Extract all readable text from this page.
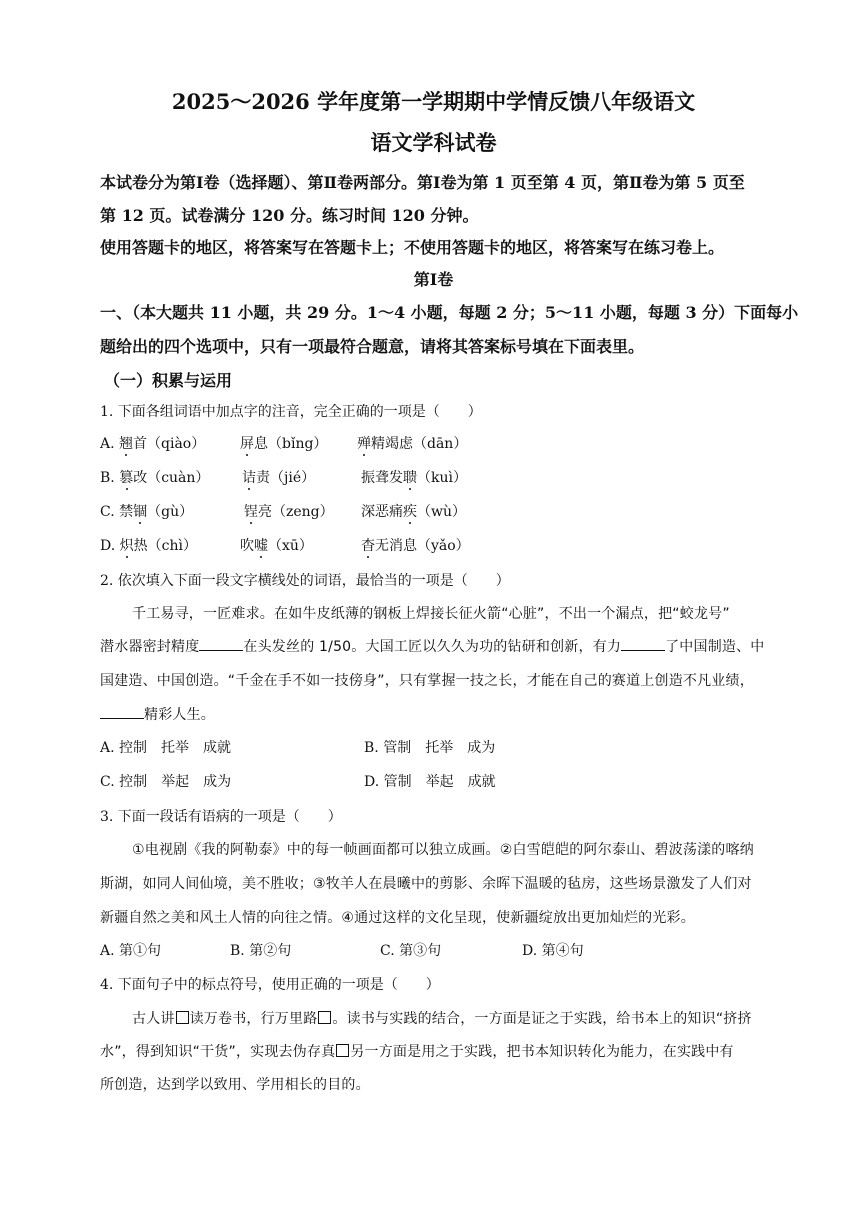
2025～2026 学年度第一学期期中学情反馈八年级语文
语文学科试卷
本试卷分为第Ⅰ卷（选择题）、第Ⅱ卷两部分。第Ⅰ卷为第 1 页至第 4 页，第Ⅱ卷为第 5 页至
第 12 页。试卷满分 120 分。练习时间 120 分钟。
使用答题卡的地区，将答案写在答题卡上；不使用答题卡的地区，将答案写在练习卷上。
第Ⅰ卷
一、（本大题共 11 小题，共 29 分。1～4 小题，每题 2 分；5～11 小题，每题 3 分）下面每小
题给出的四个选项中，只有一项最符合题意，请将其答案标号填在下面表里。
（一）积累与运用
1. 下面各组词语中加点字的注音，完全正确的一项是（　　）
A. 翘首（qiào） 屏息（bǐng） 殚精竭虑（dān）
B. 篡改（cuàn） 诘责（jié）	振聋发聩（kuì）
C. 禁锢（gù）	锃亮（zeng） 深恶痛疾（wù）
D. 炽热（chì）	吹嘘（xū）	杳无消息（yǎo）
2. 依次填入下面一段文字横线处的词语，最恰当的一项是（　　）
千工易寻，一匠难求。在如牛皮纸薄的钢板上焊接长征火箭“心脏”，不出一个漏点，把“蛟龙号”
潜水器密封精度	在头发丝的 1/50。大国工匠以久久为功的钻研和创新，有力	了中国制造、中
国建造、中国创造。“千金在手不如一技傍身”，只有掌握一技之长，才能在自己的赛道上创造不凡业绩，
精彩人生。
A. 控制  托举  成就	B. 管制  托举  成为
C. 控制  举起  成为	D. 管制  举起  成就
3. 下面一段话有语病的一项是（　　）
①电视剧《我的阿勒泰》中的每一帧画面都可以独立成画。②白雪皑皑的阿尔泰山、碧波荡漾的喀纳
斯湖，如同人间仙境，美不胜收；③牧羊人在晨曦中的剪影、余晖下温暖的毡房，这些场景激发了人们对
新疆自然之美和风土人情的向往之情。④通过这样的文化呈现，使新疆绽放出更加灿烂的光彩。
A. 第①句	B. 第②句	C. 第③句	D. 第④句
4. 下面句子中的标点符号，使用正确的一项是（　　）
古人讲 读万卷书，行万里路 。读书与实践的结合，一方面是证之于实践，给书本上的知识“挤挤
水”，得到知识“干货”，实现去伪存真 另一方面是用之于实践，把书本知识转化为能力，在实践中有
所创造，达到学以致用、学用相长的目的。
